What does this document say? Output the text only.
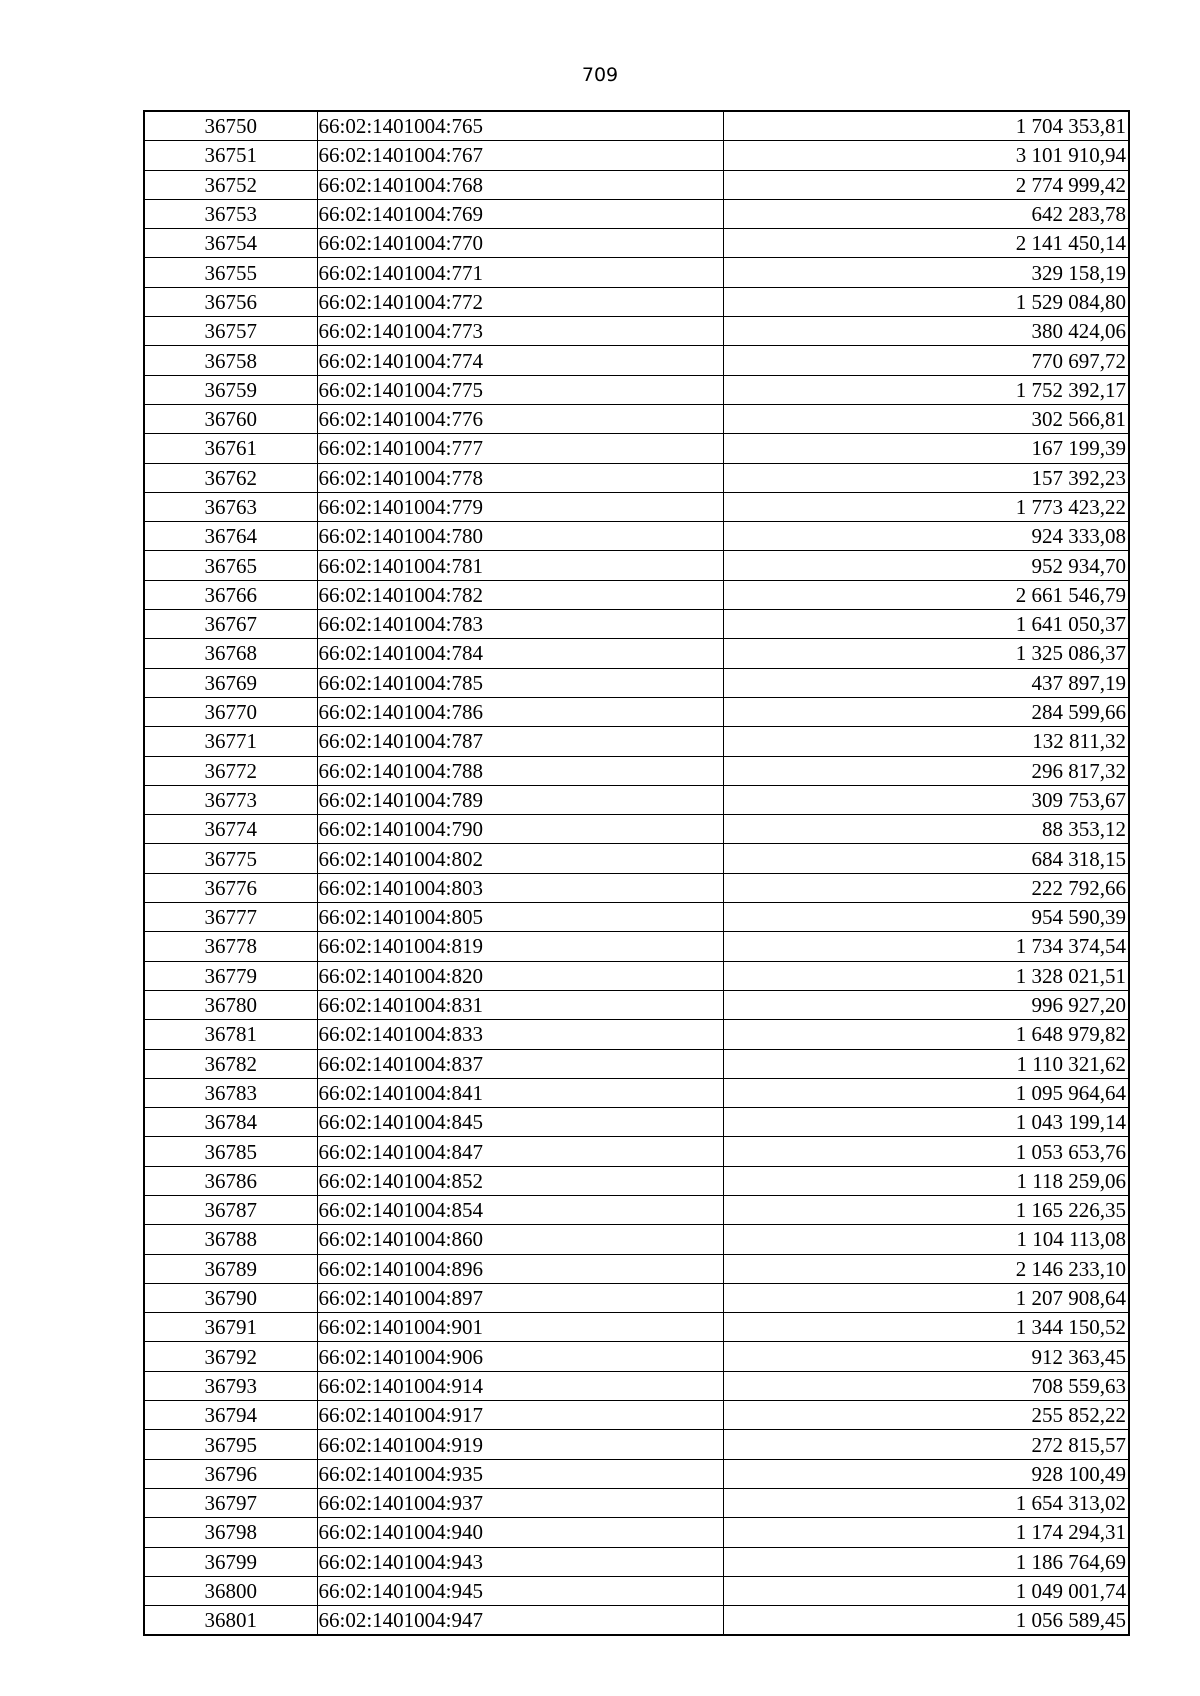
709
36750	66:02:1401004:765	1 704 353,81
36751	66:02:1401004:767	3 101 910,94
36752	66:02:1401004:768	2 774 999,42
36753	66:02:1401004:769	642 283,78
36754	66:02:1401004:770	2 141 450,14
36755	66:02:1401004:771	329 158,19
36756	66:02:1401004:772	1 529 084,80
36757	66:02:1401004:773	380 424,06
36758	66:02:1401004:774	770 697,72
36759	66:02:1401004:775	1 752 392,17
36760	66:02:1401004:776	302 566,81
36761	66:02:1401004:777	167 199,39
36762	66:02:1401004:778	157 392,23
36763	66:02:1401004:779	1 773 423,22
36764	66:02:1401004:780	924 333,08
36765	66:02:1401004:781	952 934,70
36766	66:02:1401004:782	2 661 546,79
36767	66:02:1401004:783	1 641 050,37
36768	66:02:1401004:784	1 325 086,37
36769	66:02:1401004:785	437 897,19
36770	66:02:1401004:786	284 599,66
36771	66:02:1401004:787	132 811,32
36772	66:02:1401004:788	296 817,32
36773	66:02:1401004:789	309 753,67
36774	66:02:1401004:790	88 353,12
36775	66:02:1401004:802	684 318,15
36776	66:02:1401004:803	222 792,66
36777	66:02:1401004:805	954 590,39
36778	66:02:1401004:819	1 734 374,54
36779	66:02:1401004:820	1 328 021,51
36780	66:02:1401004:831	996 927,20
36781	66:02:1401004:833	1 648 979,82
36782	66:02:1401004:837	1 110 321,62
36783	66:02:1401004:841	1 095 964,64
36784	66:02:1401004:845	1 043 199,14
36785	66:02:1401004:847	1 053 653,76
36786	66:02:1401004:852	1 118 259,06
36787	66:02:1401004:854	1 165 226,35
36788	66:02:1401004:860	1 104 113,08
36789	66:02:1401004:896	2 146 233,10
36790	66:02:1401004:897	1 207 908,64
36791	66:02:1401004:901	1 344 150,52
36792	66:02:1401004:906	912 363,45
36793	66:02:1401004:914	708 559,63
36794	66:02:1401004:917	255 852,22
36795	66:02:1401004:919	272 815,57
36796	66:02:1401004:935	928 100,49
36797	66:02:1401004:937	1 654 313,02
36798	66:02:1401004:940	1 174 294,31
36799	66:02:1401004:943	1 186 764,69
36800	66:02:1401004:945	1 049 001,74
36801	66:02:1401004:947	1 056 589,45
